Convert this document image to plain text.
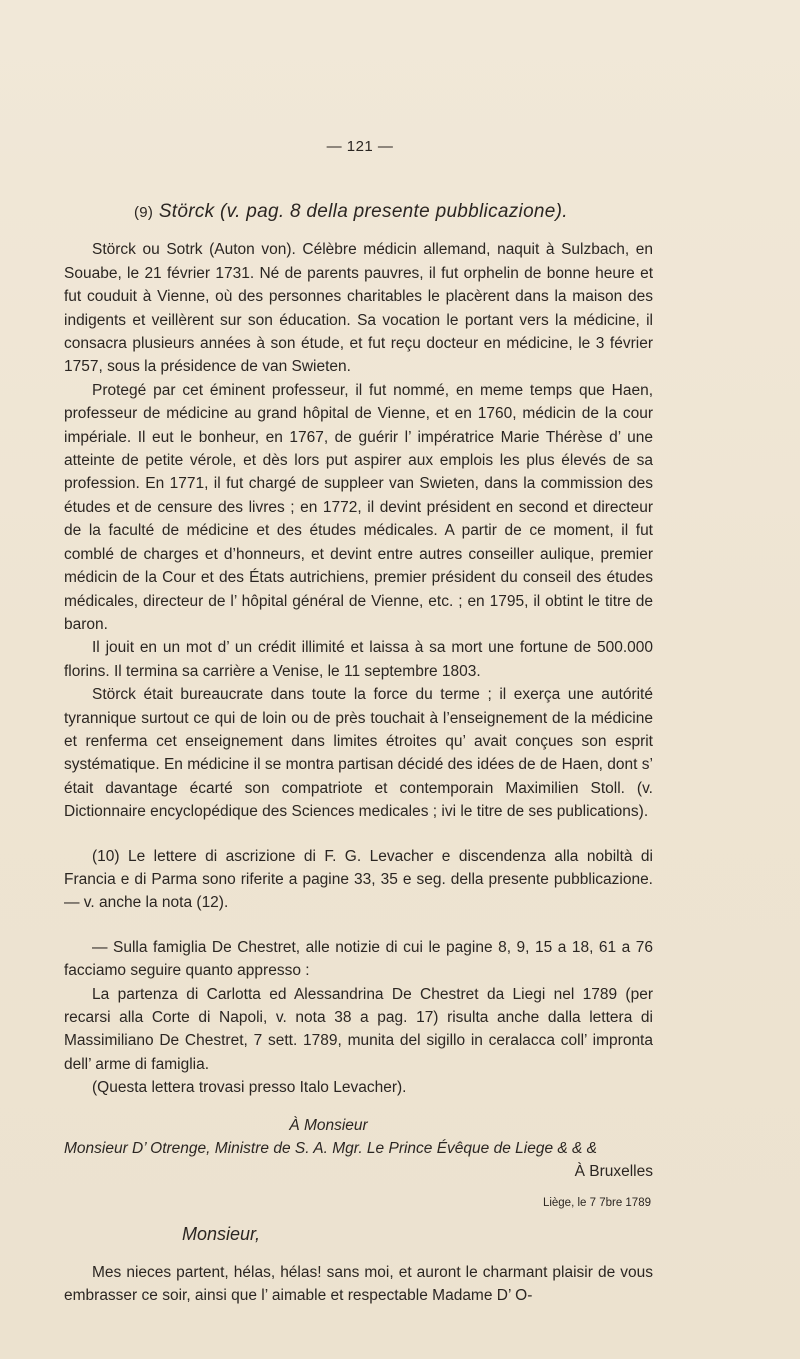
— 121 —
(9) Störck (v. pag. 8 della presente pubblicazione).

Störck ou Sotrk (Auton von). Célèbre médicin allemand, naquit à Sulzbach, en Souabe, le 21 février 1731. Né de parents pauvres, il fut orphelin de bonne heure et fut couduit à Vienne, où des personnes charitables le placèrent dans la maison des indigents et veillèrent sur son éducation. Sa vocation le portant vers la médicine, il consacra plusieurs années à son étude, et fut reçu docteur en médicine, le 3 février 1757, sous la présidence de van Swieten.

Protegé par cet éminent professeur, il fut nommé, en meme temps que Haen, professeur de médicine au grand hôpital de Vienne, et en 1760, médicin de la cour impériale. Il eut le bonheur, en 1767, de guérir l’ impératrice Marie Thérèse d’ une atteinte de petite vérole, et dès lors put aspirer aux emplois les plus élevés de sa profession. En 1771, il fut chargé de suppleer van Swieten, dans la commission des études et de censure des livres ; en 1772, il devint président en second et directeur de la faculté de médicine et des études médicales. A partir de ce moment, il fut comblé de charges et d’honneurs, et devint entre autres conseiller aulique, premier médicin de la Cour et des États autrichiens, premier président du conseil des études médicales, directeur de l’ hôpital général de Vienne, etc. ; en 1795, il obtint le titre de baron.

Il jouit en un mot d’ un crédit illimité et laissa à sa mort une fortune de 500.000 florins. Il termina sa carrière a Venise, le 11 septembre 1803.

Störck était bureaucrate dans toute la force du terme ; il exerça une autórité tyrannique surtout ce qui de loin ou de près touchait à l’enseignement de la médicine et renferma cet enseignement dans limites étroites qu’ avait conçues son esprit systématique. En médicine il se montra partisan décidé des idées de de Haen, dont s’ était davantage écarté son compatriote et contemporain Maximilien Stoll. (v. Dictionnaire encyclopédique des Sciences medicales ; ivi le titre de ses publications).

(10) Le lettere di ascrizione di F. G. Levacher e discendenza alla nobiltà di Francia e di Parma sono riferite a pagine 33, 35 e seg. della presente pubblicazione. — v. anche la nota (12).

— Sulla famiglia De Chestret, alle notizie di cui le pagine 8, 9, 15 a 18, 61 a 76 facciamo seguire quanto appresso :

La partenza di Carlotta ed Alessandrina De Chestret da Liegi nel 1789 (per recarsi alla Corte di Napoli, v. nota 38 a pag. 17) risulta anche dalla lettera di Massimiliano De Chestret, 7 sett. 1789, munita del sigillo in ceralacca coll’ impronta dell’ arme di famiglia.

(Questa lettera trovasi presso Italo Levacher).

À Monsieur
Monsieur D’ Otrenge, Ministre de S. A. Mgr. Le Prince Évêque de Liege & & &
À Bruxelles
Liège, le 7 7bre 1789
Monsieur,

Mes nieces partent, hélas, hélas! sans moi, et auront le charmant plaisir de vous embrasser ce soir, ainsi que l’ aimable et respectable Madame D’ O-
